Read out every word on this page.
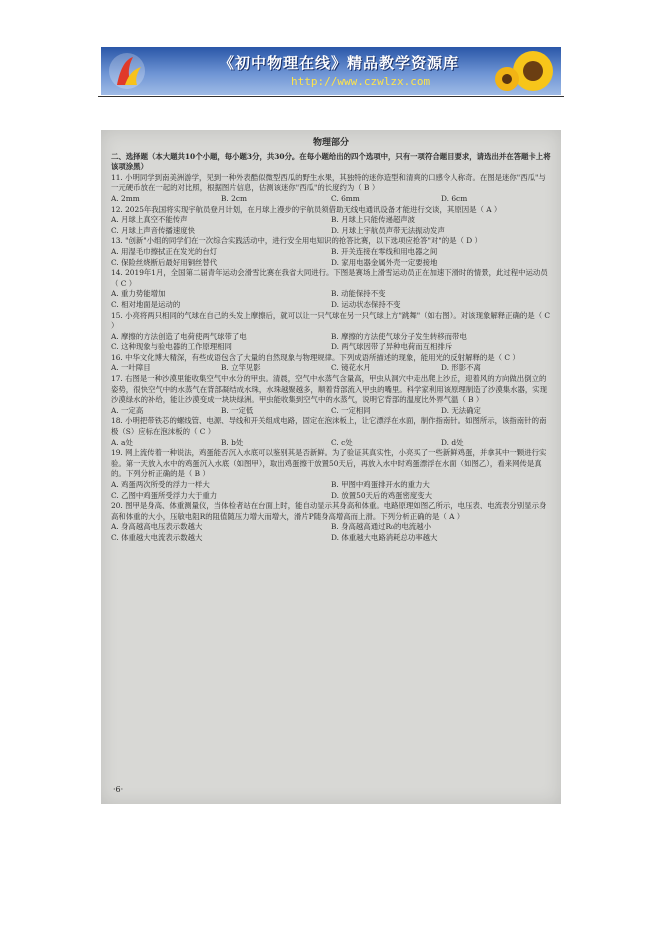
《初中物理在线》精品教学资源库
http://www.czwlzx.com
物理部分
二、选择题（本大题共10个小题，每小题3分，共30分。在每小题给出的四个选项中，只有一项符合题目要求，请选出并在答题卡上将该项涂黑）
11. 小明同学到南美洲游学，见到一种外表酷似微型西瓜的野生水果，其独特的迷你造型和清爽的口感令人称奇。在图是迷你"西瓜"与一元硬币放在一起的对比照，根据图片信息，估测该迷你"西瓜"的长度约为（ B ）
A. 2mm	B. 2cm	C. 6mm	D. 6cm
12. 2025年我国将实现宇航员登月计划，在月球上漫步的宇航员须借助无线电通讯设备才能进行交谈，其原因是（ A ）
A. 月球上真空不能传声	B. 月球上只能传递超声波
C. 月球上声音传播速度快	D. 月球上宇航员声带无法振动发声
13. "创新"小组的同学们在一次综合实践活动中，进行安全用电知识的抢答比赛，以下选项应抢答"对"的是（ D ）
A. 用湿毛巾擦拭正在发光的台灯	B. 开关连接在零线和用电器之间
C. 保险丝烧断后最好用铜丝替代	D. 家用电器金属外壳一定要接地
14. 2019年1月，全国第二届青年运动会滑雪比赛在我省大同进行。下图是赛场上滑雪运动员正在加速下滑时的情景，此过程中运动员（ C ）
A. 重力势能增加	B. 动能保持不变
C. 相对地面是运动的	D. 运动状态保持不变
15. 小亮将两只相同的气球在自己的头发上摩擦后，就可以让一只气球在另一只气球上方"跳舞"（如右图）。对该现象解释正确的是（ C ）
A. 摩擦的方法创造了电荷使两气球带了电	B. 摩擦的方法使气球分子发生转移而带电
C. 这种现象与验电器的工作原理相同	D. 两气球因带了异种电荷而互相排斥
16. 中华文化博大精深，有些成语包含了大量的自然现象与物理规律。下列成语所描述的现象，能用光的反射解释的是（ C ）
A. 一叶障目	B. 立竿见影	C. 镜花水月	D. 形影不离
17. 右图是一种沙漠里能收集空气中水分的甲虫。清晨，空气中水蒸气含量高，甲虫从洞穴中走出爬上沙丘，迎着风的方向做出倒立的姿势，很快空气中的水蒸气在背部凝结成水珠，水珠越聚越多，顺着背部流入甲虫的嘴里。科学家利用该原理制造了沙漠集水器，实现沙漠绿水的补给，能让沙漠变成一块块绿洲。甲虫能收集到空气中的水蒸气，说明它背部的温度比外界气温（ B ）
A. 一定高	B. 一定低	C. 一定相同	D. 无法确定
18. 小明把带铁芯的螺线管、电源、导线和开关组成电路，固定在泡沫板上，让它漂浮在水面，制作指南针。如图所示，该指南针的南极（S）应标在泡沫板的（ C ）
A. a处	B. b处	C. c处	D. d处
19. 网上流传着一种说法，鸡蛋能否沉入水底可以鉴别其是否新鲜。为了验证其真实性，小亮买了一些新鲜鸡蛋，并拿其中一颗进行实验。第一天放入水中的鸡蛋沉入水底（如图甲），取出鸡蛋擦干放置50天后，再放入水中时鸡蛋漂浮在水面（如图乙），看来网传是真的。下列分析正确的是（ B ）
A. 鸡蛋两次所受的浮力一样大	B. 甲图中鸡蛋排开水的重力大
C. 乙图中鸡蛋所受浮力大于重力	D. 放置50天后的鸡蛋密度变大
20. 图甲是身高、体重测量仪，当体检者站在台面上时，能自动显示其身高和体重。电路原理如图乙所示，电压表、电流表分别显示身高和体重的大小，压敏电阻R的阻值随压力增大而增大，滑片P随身高增高而上滑。下列分析正确的是（ A ）
A. 身高越高电压表示数越大	B. 身高越高通过R₀的电流越小
C. 体重越大电流表示数越大	D. 体重越大电路消耗总功率越大
·6·
